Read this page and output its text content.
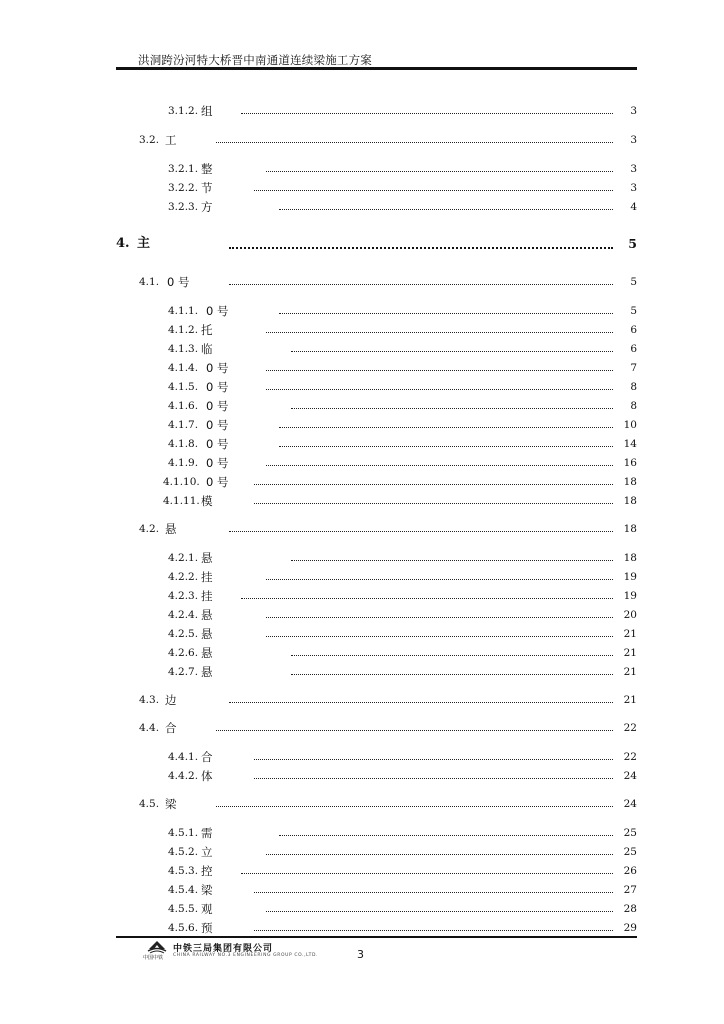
洪洞跨汾河特大桥晋中南通道连续梁施工方案
3.1.2. 组	3
3.2. 工	3
3.2.1. 整	3
3.2.2. 节	3
3.2.3. 方	4
4. 主	5
4.1. 0 号	5
4.1.1. 0 号	5
4.1.2. 托	6
4.1.3. 临	6
4.1.4. 0 号	7
4.1.5. 0 号	8
4.1.6. 0 号	8
4.1.7. 0 号	10
4.1.8. 0 号	14
4.1.9. 0 号	16
4.1.10. 0 号	18
4.1.11. 模	18
4.2. 悬	18
4.2.1. 悬	18
4.2.2. 挂	19
4.2.3. 挂	19
4.2.4. 悬	20
4.2.5. 悬	21
4.2.6. 悬	21
4.2.7. 悬	21
4.3. 边	21
4.4. 合	22
4.4.1. 合	22
4.4.2. 体	24
4.5. 梁	24
4.5.1. 需	25
4.5.2. 立	25
4.5.3. 控	26
4.5.4. 梁	27
4.5.5. 观	28
4.5.6. 预	29
中国中铁
中铁三局集团有限公司
CHINA RAILWAY NO.3 ENGINEERING GROUP CO.,LTD.	3
